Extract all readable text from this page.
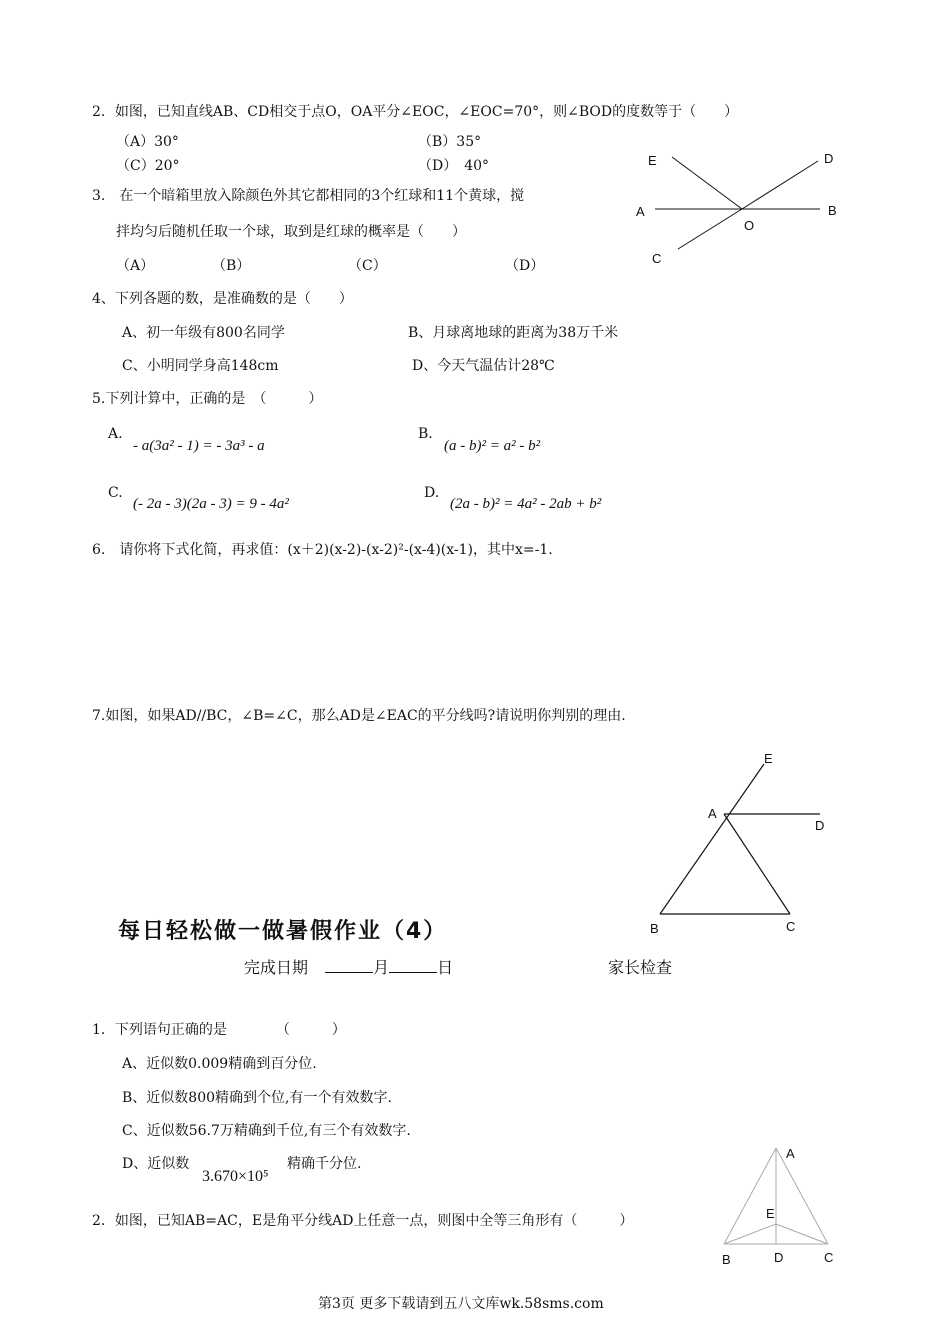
2．如图，已知直线AB、CD相交于点O，OA平分∠EOC，∠EOC=70°，则∠BOD的度数等于（　　）
（A）30°	（B）35°
（C）20°	（D）　40°	E	D
A
O
B
C
3.　在一个暗箱里放入除颜色外其它都相同的3个红球和11个黄球，搅
拌均匀后随机任取一个球，取到是红球的概率是（　　）
（A）	（B）	（C）	（D）
4、下列各题的数，是准确数的是（　　）
A、初一年级有800名同学	B、月球离地球的距离为38万千米
C、小明同学身高148cm	D、今天气温估计28℃
5.下列计算中，正确的是　（　　　）
A.
- a(3a² - 1) = - 3a³ - a
B.
(a - b)² = a² - b²
C.
(- 2a - 3)(2a - 3) = 9 - 4a²
D.
(2a - b)² = 4a² - 2ab + b²
6.　请你将下式化简，再求值：(x＋2)(x-2)-(x-2)²-(x-4)(x-1)，其中x=-1.
7.如图，如果AD//BC，∠B=∠C，那么AD是∠EAC的平分线吗?请说明你判别的理由.
E
A
D
B	C
每日轻松做一做暑假作业（4）
完成日期	月	日	家长检查
1．下列语句正确的是　　　　（　　　）
A、近似数0.009精确到百分位.
B、近似数800精确到个位,有一个有效数字.
C、近似数56.7万精确到千位,有三个有效数字.
D、近似数
3.670×10⁵
精确千分位.
2．如图，已知AB=AC，E是角平分线AD上任意一点，则图中全等三角形有（　　　）
A
E
B	D	C
第3页 更多下载请到五八文库wk.58sms.com
